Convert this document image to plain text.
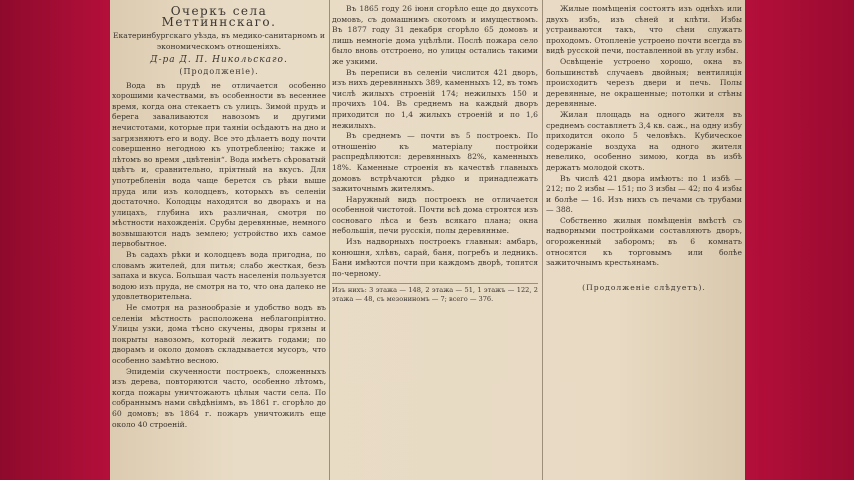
Очеркъ села Меттиннскаго.
Екатеринбургскаго уѣзда, въ медико-санитарномъ и экономическомъ отношеніяхъ.
Д-ра Д. П. Никольскаго.
(Продолженіе).

Вода въ прудѣ не отличается особенно хорошими качествами, въ особенности въ весеннее время, когда она стекаетъ съ улицъ. Зимой прудъ и берега заваливаются навозомъ и другими нечистотами, которые при таяніи осѣдаютъ на дно и загрязняютъ его и воду. Все это дѣлаетъ воду почти совершенно негодною къ употребленію; также и лѣтомъ во время „цвѣтенія“. Вода имѣетъ сѣроватый цвѣтъ и, сравнительно, пріятный на вкусъ. Для употребленія вода чаще берется съ рѣки выше пруда или изъ колодцевъ, которыхъ въ селеніи достаточно. Колодцы находятся во дворахъ и на улицахъ, глубина ихъ различная, смотря по мѣстности нахожденія. Срубы деревянные, немного возвышаются надъ землею; устройство ихъ самое первобытное.

Въ садахъ рѣки и колодцевъ вода пригодна, по словамъ жителей, для питья; слабо жесткая, безъ запаха и вкуса. Большая часть населенія пользуется водою изъ пруда, не смотря на то, что она далеко не удовлетворительна.

Не смотря на разнообразіе и удобство водъ въ селеніи мѣстность расположена неблагопріятно. Улицы узки, дома тѣсно скучены, дворы грязны и покрыты навозомъ, который лежитъ годами; по дворамъ и около домовъ складывается мусоръ, что особенно замѣтно весною.

Эпидеміи скученности построекъ, сложенныхъ изъ дерева, повторяются часто, особенно лѣтомъ, когда пожары уничтожаютъ цѣлыя части села. По собраннымъ нами свѣдѣніямъ, въ 1861 г. сгорѣло до 60 домовъ; въ 1864 г. пожаръ уничтожилъ еще около 40 строеній.

Въ 1865 году 26 іюня сгорѣло еще до двухсотъ домовъ, съ домашнимъ скотомъ и имуществомъ. Въ 1877 году 31 декабря сгорѣло 65 домовъ и лишь немногіе дома уцѣлѣли. Послѣ пожара село было вновь отстроено, но улицы остались такими же узкими.

Въ переписи въ селеніи числится 421 дворъ, изъ нихъ деревянныхъ 389, каменныхъ 12, въ томъ числѣ жилыхъ строеній 174; нежилыхъ 150 и прочихъ 104. Въ среднемъ на каждый дворъ приходится по 1,4 жилыхъ строеній и по 1,6 нежилыхъ.

Въ среднемъ — почти въ 5 построекъ. По отношенію къ матеріалу постройки распредѣляются: деревянныхъ 82%, каменныхъ 18%. Каменные строенія въ качествѣ главныхъ домовъ встрѣчаются рѣдко и принадлежатъ зажиточнымъ жителямъ.

Наружный видъ построекъ не отличается особенной чистотой. Почти всѣ дома строятся изъ сосноваго лѣса и безъ всякаго плана; окна небольшія, печи русскія, полы деревянные.

Изъ надворныхъ построекъ главныя: амбаръ, конюшня, хлѣвъ, сарай, баня, погребъ и ледникъ. Бани имѣются почти при каждомъ дворѣ, топятся по-черному.

Изъ нихъ: 3 этажа — 148, 2 этажа — 51, 1 этажъ — 122, 2 этажа — 48, съ мезониномъ — 7; всего — 376.

Жилые помѣщенія состоятъ изъ однѣхъ или двухъ избъ, изъ сѣней и клѣти. Избы устраиваются такъ, что сѣни служатъ проходомъ. Отопленіе устроено почти всегда въ видѣ русской печи, поставленной въ углу избы.

Освѣщеніе устроено хорошо, окна въ большинствѣ случаевъ двойныя; вентиляція происходитъ черезъ двери и печь. Полы деревянные, не окрашенные; потолки и стѣны деревянные.

Жилая площадь на одного жителя въ среднемъ составляетъ 3,4 кв. саж., на одну избу приходится около 5 человѣкъ. Кубическое содержаніе воздуха на одного жителя невелико, особенно зимою, когда въ избѣ держатъ молодой скотъ.

Въ числѣ 421 двора имѣютъ: по 1 избѣ — 212; по 2 избы — 151; по 3 избы — 42; по 4 избы и болѣе — 16. Изъ нихъ съ печами съ трубами — 388.

Собственно жилыя помѣщенія вмѣстѣ съ надворными постройками составляютъ дворъ, огороженный заборомъ; въ 6 комнатъ относятся къ торговымъ или болѣе зажиточнымъ крестьянамъ.

(Продолженіе слѣдуетъ).
